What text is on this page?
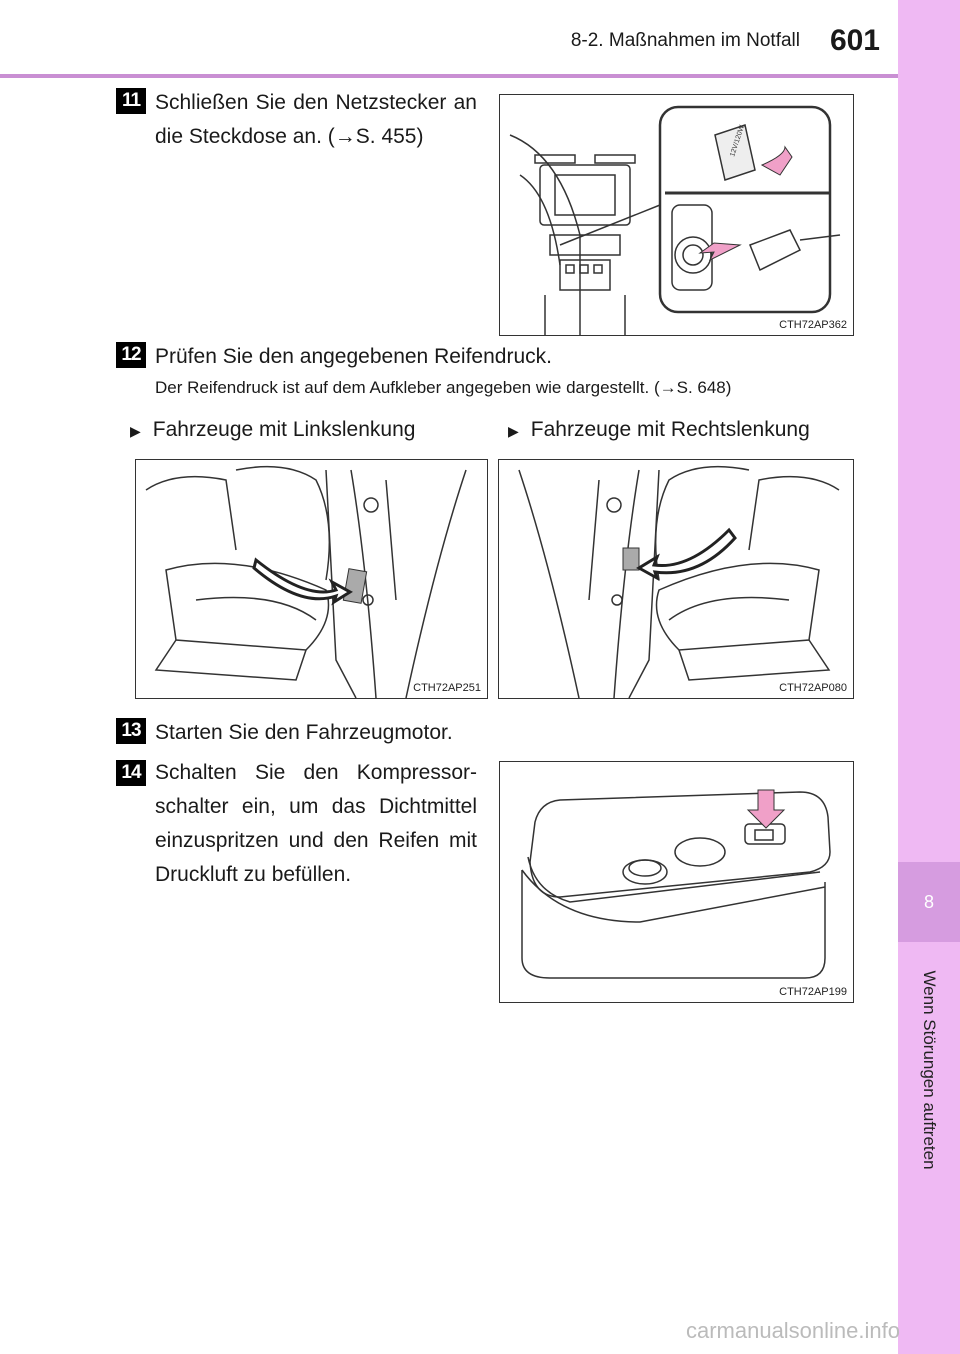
8-2. Maßnahmen im Notfall 601
8
Wenn Störungen auftreten
11 Schließen Sie den Netzstecker an die Steckdose an. (→S. 455)	12V/120W
CTH72AP362
12 Prüfen Sie den angegebenen Reifendruck.
Der Reifendruck ist auf dem Aufkleber angegeben wie dargestellt. (→S. 648)
▶ Fahrzeuge mit Linkslenkung	▶ Fahrzeuge mit Rechtslenkung
CTH72AP251	CTH72AP080
13 Starten Sie den Fahrzeugmotor.
14 Schalten Sie den Kompressor-schalter ein, um das Dichtmittel einzuspritzen und den Reifen mit Druckluft zu befüllen.
CTH72AP199
carmanualsonline.info
